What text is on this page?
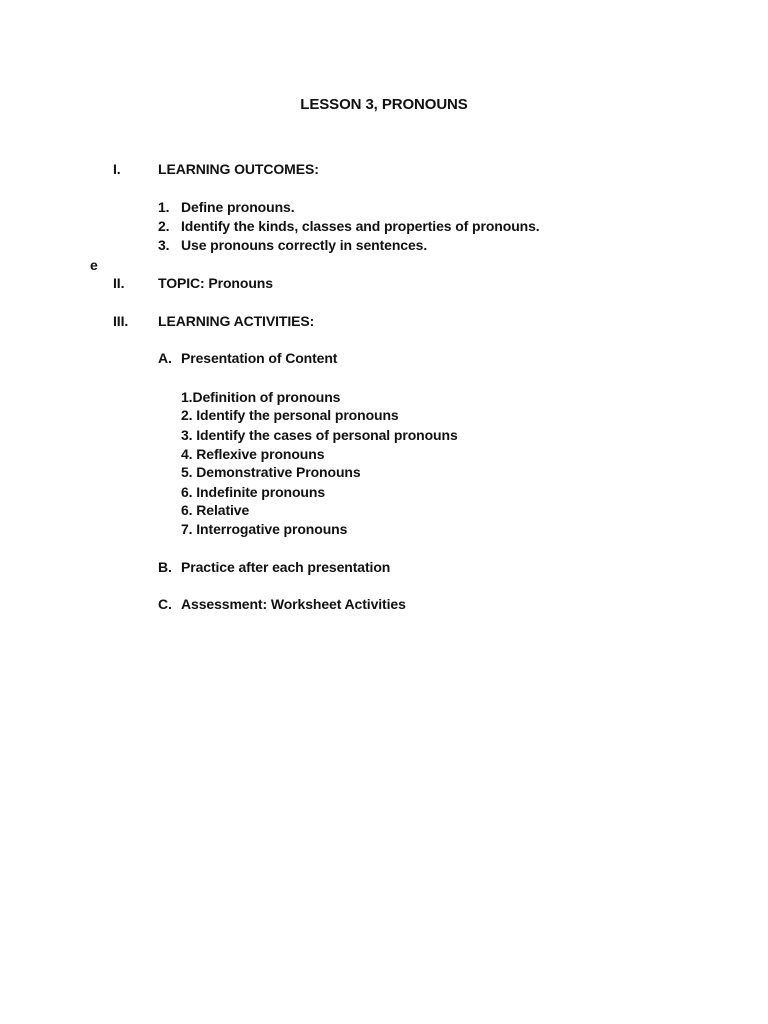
LESSON 3, PRONOUNS
I.	LEARNING OUTCOMES:
1. Define pronouns.
2. Identify the kinds, classes and properties of pronouns.
3. Use pronouns correctly in sentences.
e
II. TOPIC: Pronouns
III. LEARNING ACTIVITIES:
A. Presentation of Content
1.Definition of pronouns
2. Identify the personal pronouns
3. Identify the cases of personal pronouns
4. Reflexive pronouns
5. Demonstrative Pronouns
6. Indefinite pronouns
6. Relative
7. Interrogative pronouns
B. Practice after each presentation
C. Assessment: Worksheet Activities
